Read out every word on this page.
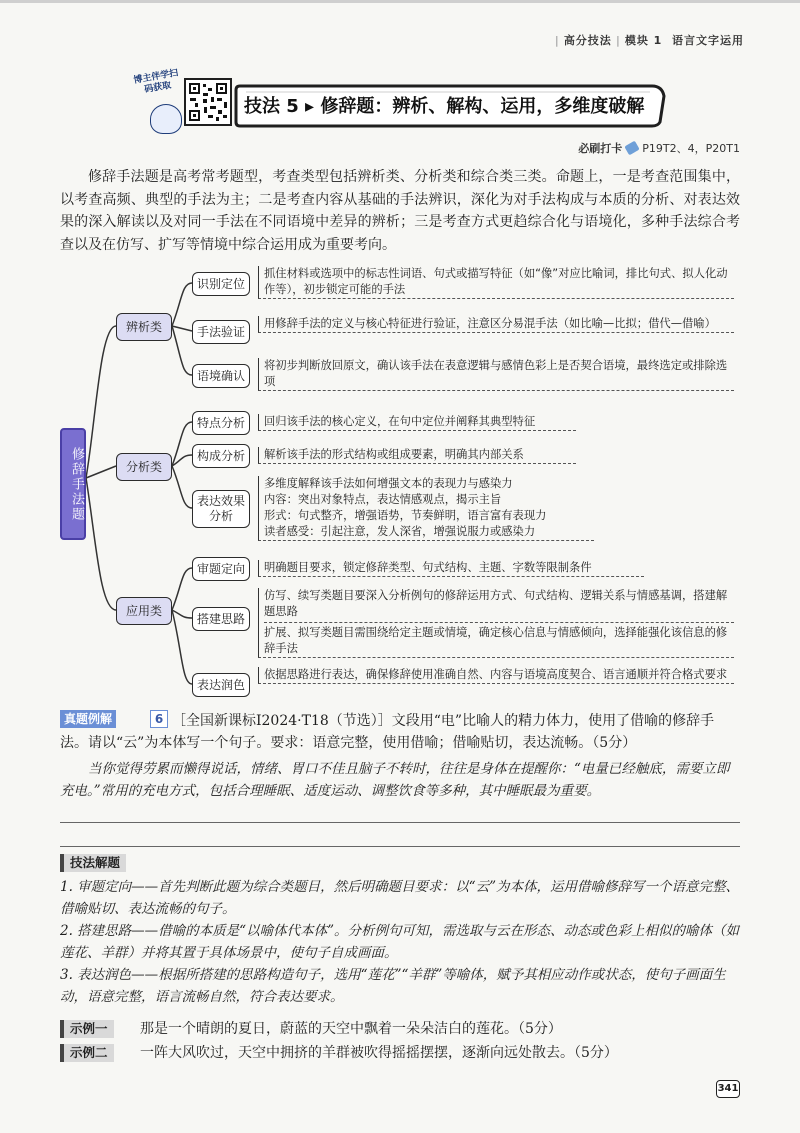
| 高分技法 | 模块 1 语言文字运用
博主伴学扫码获取
技法 5 ▸ 修辞题：辨析、解构、运用，多维度破解
必刷打卡 P19T2、4，P20T1
修辞手法题是高考常考题型，考查类型包括辨析类、分析类和综合类三类。命题上，一是考查范围集中，以考查高频、典型的手法为主；二是考查内容从基础的手法辨识，深化为对手法构成与本质的分析、对表达效果的深入解读以及对同一手法在不同语境中差异的辨析；三是考查方式更趋综合化与语境化，多种手法综合考查以及在仿写、扩写等情境中综合运用成为重要考向。
修辞手法题
辨析类
识别定位
抓住材料或选项中的标志性词语、句式或描写特征（如“像”对应比喻词，排比句式、拟人化动作等），初步锁定可能的手法
手法验证
用修辞手法的定义与核心特征进行验证，注意区分易混手法（如比喻—比拟；借代—借喻）
语境确认
将初步判断放回原文，确认该手法在表意逻辑与感情色彩上是否契合语境，最终选定或排除选项
分析类
特点分析	回归该手法的核心定义，在句中定位并阐释其典型特征
构成分析	解析该手法的形式结构或组成要素，明确其内部关系
表达效果分析
多维度解释该手法如何增强文本的表现力与感染力
内容：突出对象特点，表达情感观点，揭示主旨
形式：句式整齐，增强语势，节奏鲜明，语言富有表现力
读者感受：引起注意，发人深省，增强说服力或感染力
应用类
审题定向	明确题目要求，锁定修辞类型、句式结构、主题、字数等限制条件
搭建思路
仿写、续写类题目要深入分析例句的修辞运用方式、句式结构、逻辑关系与情感基调，搭建解题思路
扩展、拟写类题目需围绕给定主题或情境，确定核心信息与情感倾向，选择能强化该信息的修辞手法
表达润色
依据思路进行表达，确保修辞使用准确自然、内容与语境高度契合、语言通顺并符合格式要求
［全国新课标Ⅰ2024·T18（节选）］文段用“电”比喻人的精力体力，使用了借喻的修辞手法。请以“云”为本体写一个句子。要求：语意完整，使用借喻；借喻贴切，表达流畅。（5分）
真题例解	6
当你觉得劳累而懒得说话，情绪、胃口不佳且脑子不转时，往往是身体在提醒你：“电量已经触底，需要立即充电。”常用的充电方式，包括合理睡眠、适度运动、调整饮食等多种，其中睡眠最为重要。
技法解题
1. 审题定向——首先判断此题为综合类题目，然后明确题目要求：以“云”为本体，运用借喻修辞写一个语意完整、借喻贴切、表达流畅的句子。
2. 搭建思路——借喻的本质是“以喻体代本体”。分析例句可知，需选取与云在形态、动态或色彩上相似的喻体（如莲花、羊群）并将其置于具体场景中，使句子自成画面。
3. 表达润色——根据所搭建的思路构造句子，选用“莲花”“羊群”等喻体，赋予其相应动作或状态，使句子画面生动，语意完整，语言流畅自然，符合表达要求。
示例一	那是一个晴朗的夏日，蔚蓝的天空中飘着一朵朵洁白的莲花。（5分）
示例二	一阵大风吹过，天空中拥挤的羊群被吹得摇摇摆摆，逐渐向远处散去。（5分）
341
